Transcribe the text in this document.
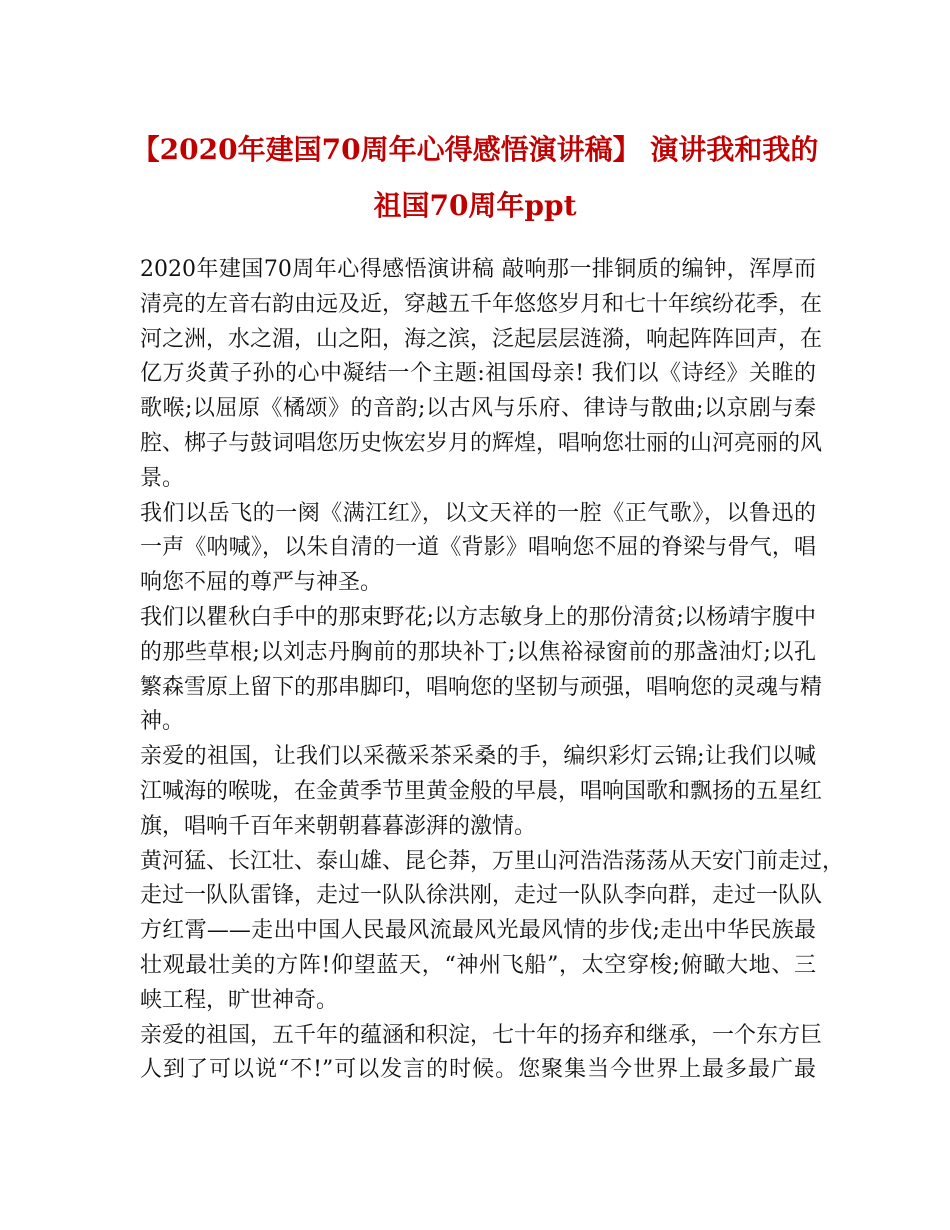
【2020年建国70周年心得感悟演讲稿】 演讲我和我的
祖国70周年ppt
2020年建国70周年心得感悟演讲稿 敲响那一排铜质的编钟，浑厚而
清亮的左音右韵由远及近，穿越五千年悠悠岁月和七十年缤纷花季，在
河之洲，水之湄，山之阳，海之滨，泛起层层涟漪，响起阵阵回声，在
亿万炎黄子孙的心中凝结一个主题:祖国母亲! 我们以《诗经》关睢的
歌喉;以屈原《橘颂》的音韵;以古风与乐府、律诗与散曲;以京剧与秦
腔、梆子与鼓词唱您历史恢宏岁月的辉煌，唱响您壮丽的山河亮丽的风
景。
我们以岳飞的一阕《满江红》，以文天祥的一腔《正气歌》，以鲁迅的
一声《呐喊》，以朱自清的一道《背影》唱响您不屈的脊梁与骨气，唱
响您不屈的尊严与神圣。
我们以瞿秋白手中的那束野花;以方志敏身上的那份清贫;以杨靖宇腹中
的那些草根;以刘志丹胸前的那块补丁;以焦裕禄窗前的那盏油灯;以孔
繁森雪原上留下的那串脚印，唱响您的坚韧与顽强，唱响您的灵魂与精
神。
亲爱的祖国，让我们以采薇采茶采桑的手，编织彩灯云锦;让我们以喊
江喊海的喉咙，在金黄季节里黄金般的早晨，唱响国歌和飘扬的五星红
旗，唱响千百年来朝朝暮暮澎湃的激情。
黄河猛、长江壮、泰山雄、昆仑莽，万里山河浩浩荡荡从天安门前走过，
走过一队队雷锋，走过一队队徐洪刚，走过一队队李向群，走过一队队
方红霄——走出中国人民最风流最风光最风情的步伐;走出中华民族最
壮观最壮美的方阵!仰望蓝天，“神州飞船”，太空穿梭;俯瞰大地、三
峡工程，旷世神奇。
亲爱的祖国，五千年的蕴涵和积淀，七十年的扬弃和继承，一个东方巨
人到了可以说“不!”可以发言的时候。您聚集当今世界上最多最广最
